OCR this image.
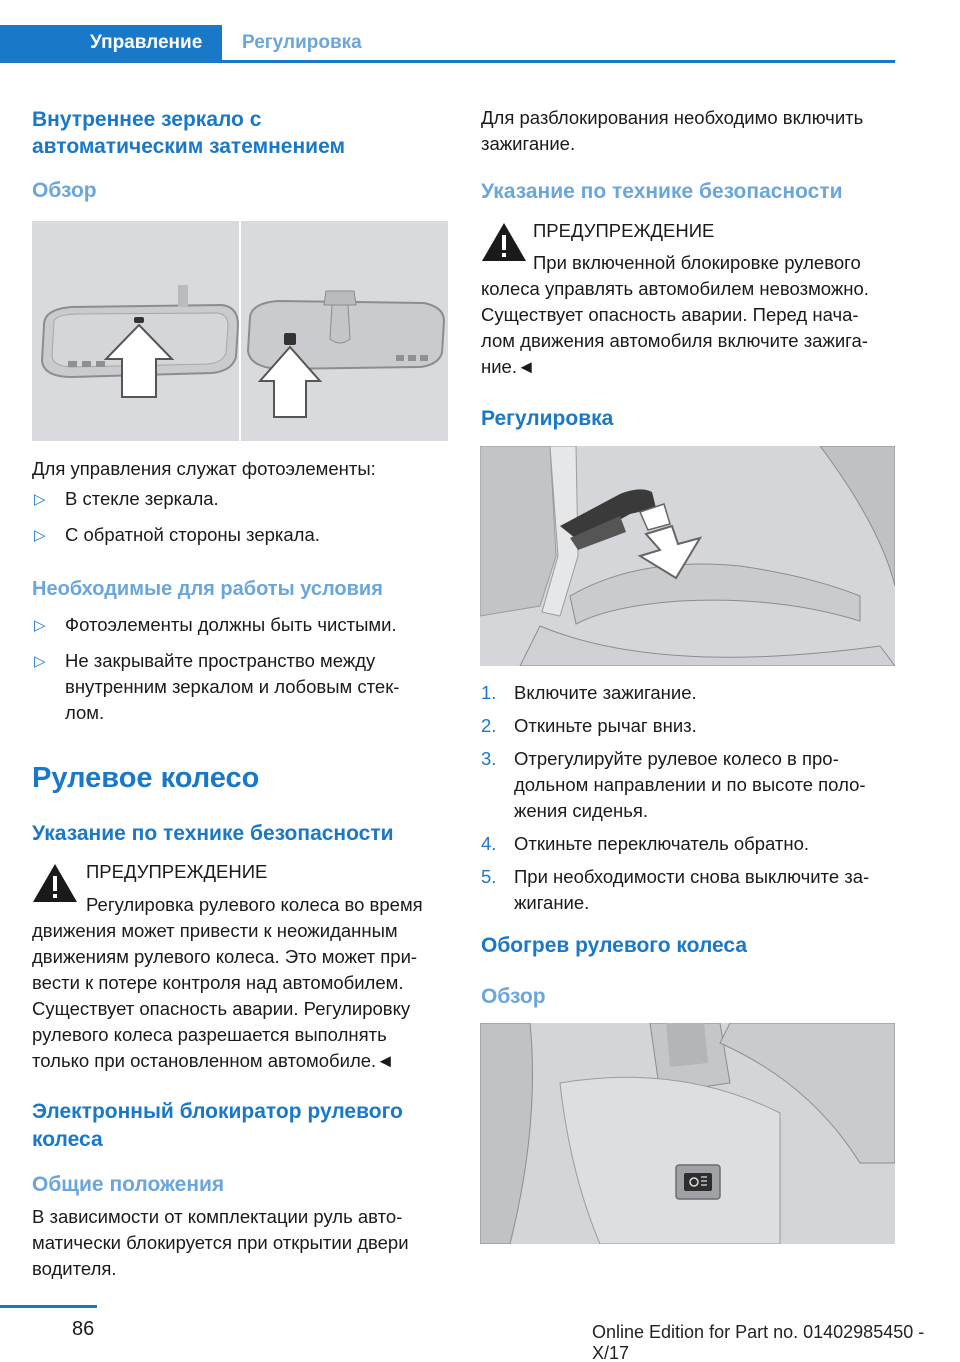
Управление	Регулировка
Внутреннее зеркало с
автоматическим затемнением
Обзор
Для управления служат фотоэлементы:
▷ В стекле зеркала.
▷ С обратной стороны зеркала.
Необходимые для работы условия
▷ Фотоэлементы должны быть чистыми.
▷ Не закрывайте пространство между
внутренним зеркалом и лобовым стек-
лом.
Рулевое колесо
Указание по технике безопасности
ПРЕДУПРЕЖДЕНИЕ
Регулировка рулевого колеса во время
движения может привести к неожиданным
движениям рулевого колеса. Это может при-
вести к потере контроля над автомобилем.
Существует опасность аварии. Регулировку
рулевого колеса разрешается выполнять
только при остановленном автомобиле.◄
Электронный блокиратор рулевого
колеса
Общие положения
В зависимости от комплектации руль авто-
матически блокируется при открытии двери
водителя.
Для разблокирования необходимо включить
зажигание.
Указание по технике безопасности
ПРЕДУПРЕЖДЕНИЕ
При включенной блокировке рулевого
колеса управлять автомобилем невозможно.
Существует опасность аварии. Перед нача-
лом движения автомобиля включите зажига-
ние.◄
Регулировка
1. Включите зажигание.
2. Откиньте рычаг вниз.
3. Отрегулируйте рулевое колесо в про-
дольном направлении и по высоте поло-
жения сиденья.
4. Откиньте переключатель обратно.
5. При необходимости снова выключите за-
жигание.
Обогрев рулевого колеса
Обзор
86	Online Edition for Part no. 01402985450 - X/17
